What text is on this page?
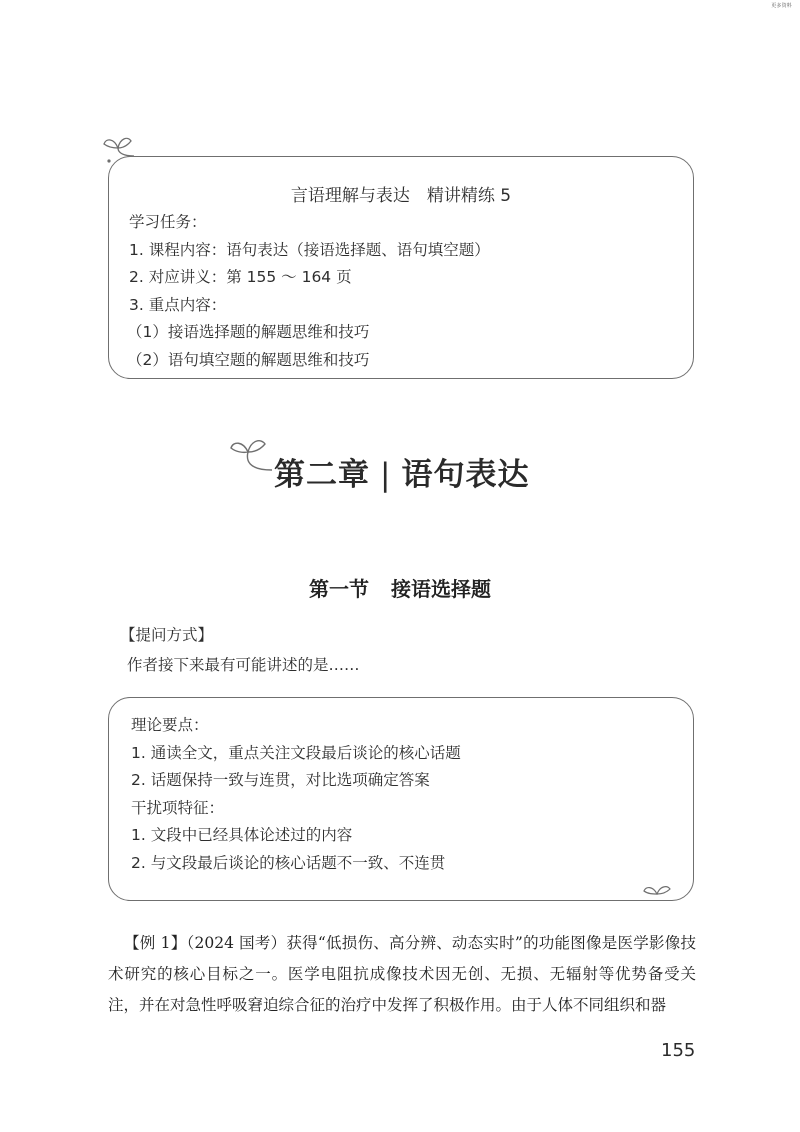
更多资料
言语理解与表达　精讲精练 5
学习任务：
1. 课程内容：语句表达（接语选择题、语句填空题）
2. 对应讲义：第 155 ～ 164 页
3. 重点内容：
（1）接语选择题的解题思维和技巧
（2）语句填空题的解题思维和技巧
第二章 | 语句表达
第一节 接语选择题
【提问方式】
作者接下来最有可能讲述的是……
理论要点：
1. 通读全文，重点关注文段最后谈论的核心话题
2. 话题保持一致与连贯，对比选项确定答案
干扰项特征：
1. 文段中已经具体论述过的内容
2. 与文段最后谈论的核心话题不一致、不连贯

【例 1】（2024 国考）获得“低损伤、高分辨、动态实时”的功能图像是医学影像技术研究的核心目标之一。医学电阻抗成像技术因无创、无损、无辐射等优势备受关注，并在对急性呼吸窘迫综合征的治疗中发挥了积极作用。由于人体不同组织和器

155
